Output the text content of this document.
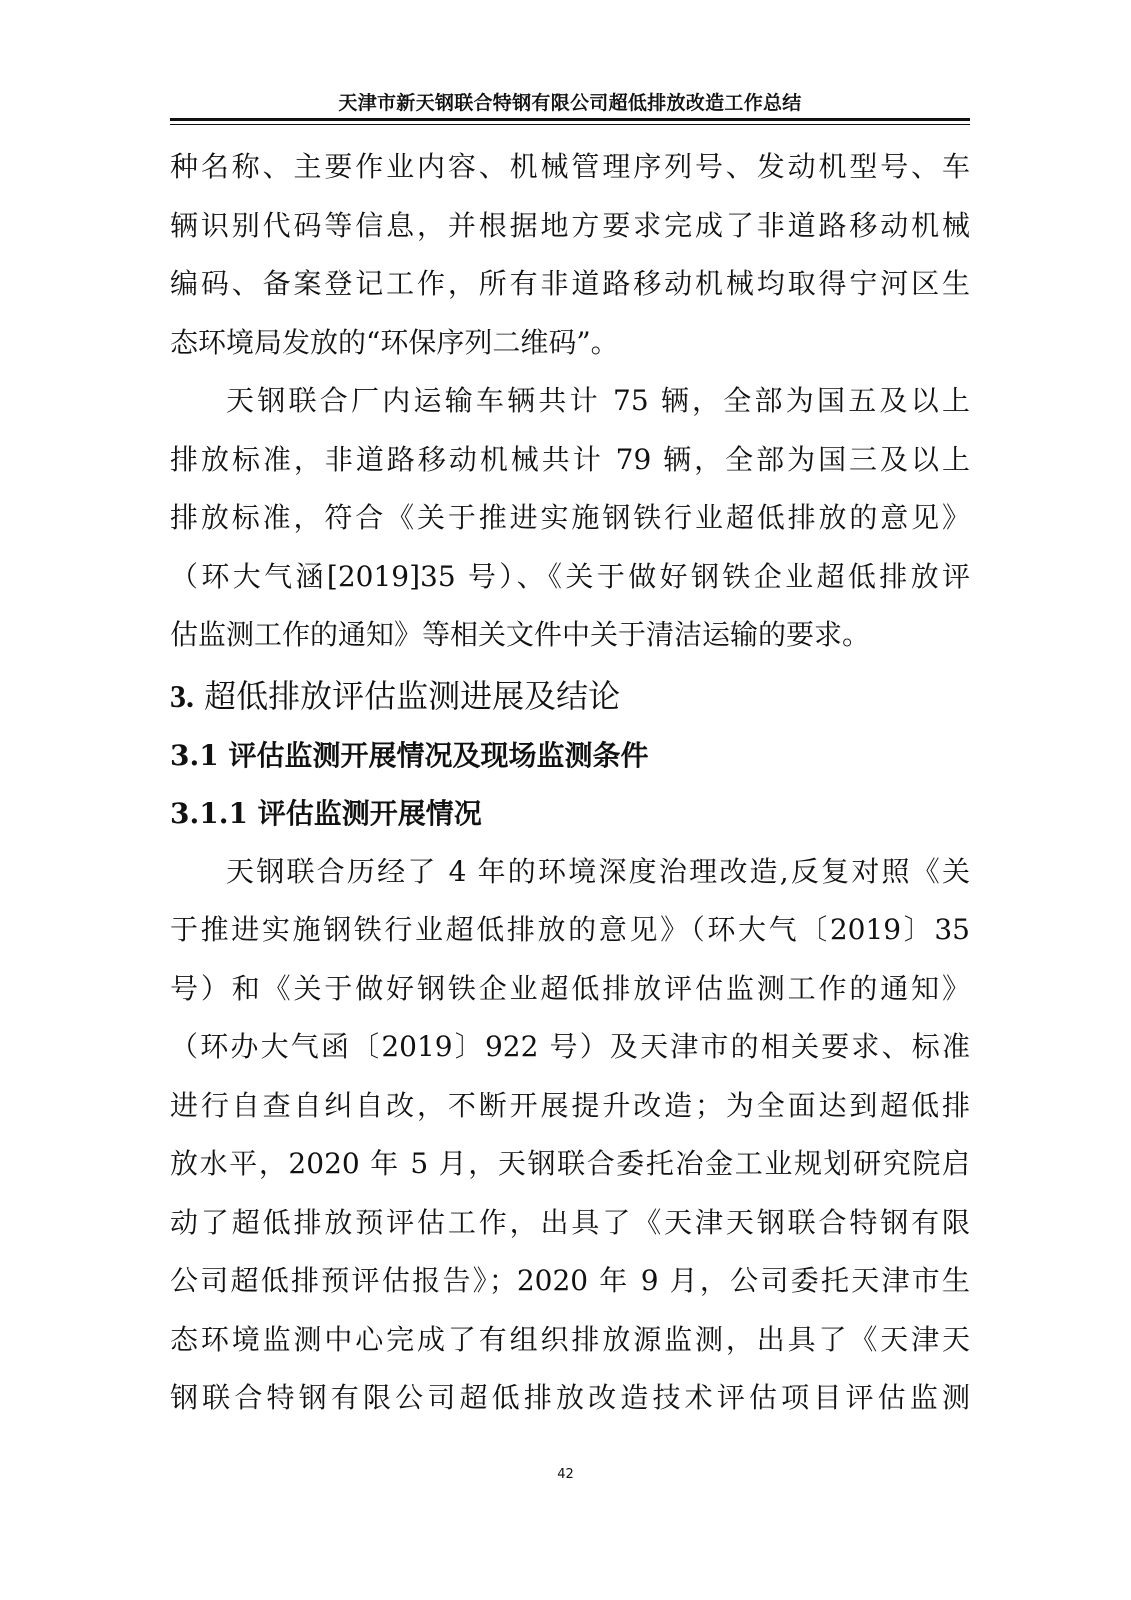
天津市新天钢联合特钢有限公司超低排放改造工作总结

种名称、主要作业内容、机械管理序列号、发动机型号、车
辆识别代码等信息，并根据地方要求完成了非道路移动机械
编码、备案登记工作，所有非道路移动机械均取得宁河区生
态环境局发放的“环保序列二维码”。

天钢联合厂内运输车辆共计 75 辆，全部为国五及以上
排放标准，非道路移动机械共计 79 辆，全部为国三及以上
排放标准，符合《关于推进实施钢铁行业超低排放的意见》
（环大气涵[2019]35 号）、《关于做好钢铁企业超低排放评
估监测工作的通知》等相关文件中关于清洁运输的要求。

3. 超低排放评估监测进展及结论
3.1 评估监测开展情况及现场监测条件
3.1.1 评估监测开展情况

天钢联合历经了 4 年的环境深度治理改造,反复对照《关
于推进实施钢铁行业超低排放的意见》（环大气〔2019〕35
号）和《关于做好钢铁企业超低排放评估监测工作的通知》
（环办大气函〔2019〕922 号）及天津市的相关要求、标准
进行自查自纠自改，不断开展提升改造；为全面达到超低排
放水平，2020 年 5 月，天钢联合委托冶金工业规划研究院启
动了超低排放预评估工作，出具了《天津天钢联合特钢有限
公司超低排预评估报告》；2020 年 9 月，公司委托天津市生
态环境监测中心完成了有组织排放源监测，出具了《天津天
钢联合特钢有限公司超低排放改造技术评估项目评估监测

42
